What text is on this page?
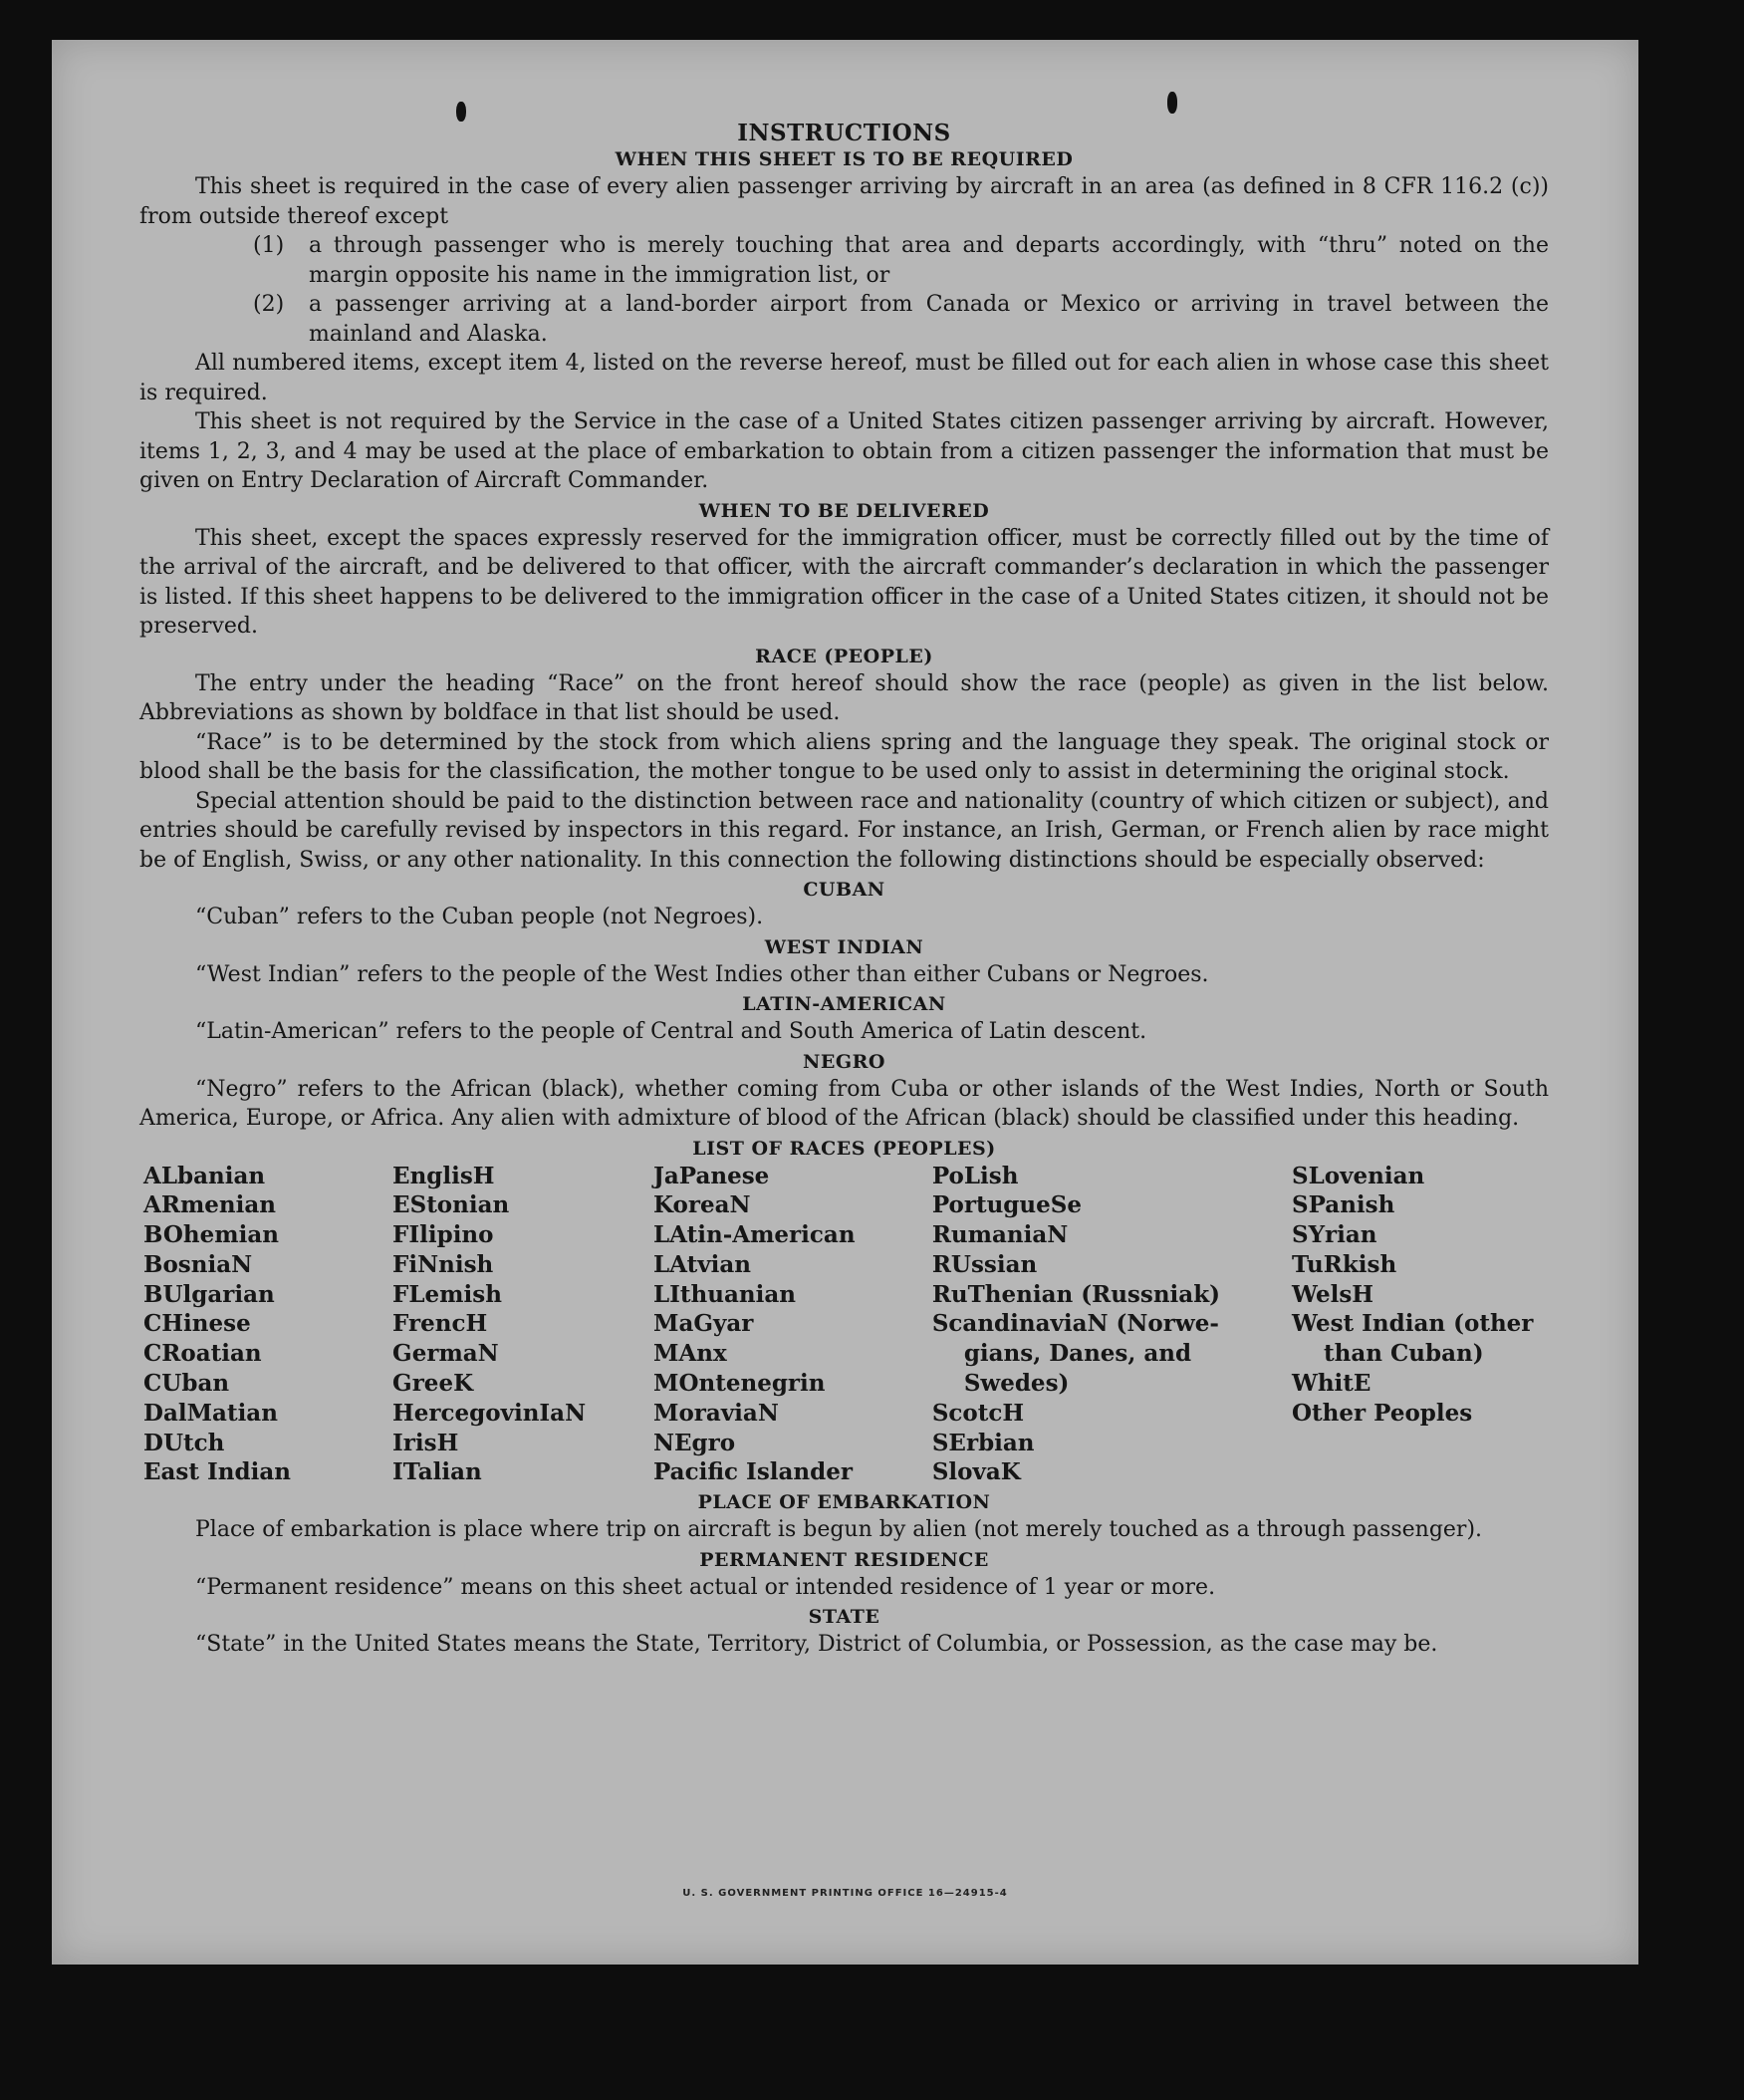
INSTRUCTIONS
WHEN THIS SHEET IS TO BE REQUIRED

This sheet is required in the case of every alien passenger arriving by aircraft in an area (as defined in 8 CFR 116.2 (c)) from outside thereof except

(1)	a through passenger who is merely touching that area and departs accordingly, with “thru” noted on the margin opposite his name in the immigration list, or
(2)	a passenger arriving at a land-border airport from Canada or Mexico or arriving in travel between the mainland and Alaska.

All numbered items, except item 4, listed on the reverse hereof, must be filled out for each alien in whose case this sheet is required.

This sheet is not required by the Service in the case of a United States citizen passenger arriving by aircraft. However, items 1, 2, 3, and 4 may be used at the place of embarkation to obtain from a citizen passenger the information that must be given on Entry Declaration of Aircraft Commander.

WHEN TO BE DELIVERED

This sheet, except the spaces expressly reserved for the immigration officer, must be correctly filled out by the time of the arrival of the aircraft, and be delivered to that officer, with the aircraft commander’s declaration in which the passenger is listed. If this sheet happens to be delivered to the immigration officer in the case of a United States citizen, it should not be preserved.

RACE (PEOPLE)

The entry under the heading “Race” on the front hereof should show the race (people) as given in the list below. Abbreviations as shown by boldface in that list should be used.

“Race” is to be determined by the stock from which aliens spring and the language they speak. The original stock or blood shall be the basis for the classification, the mother tongue to be used only to assist in determining the original stock.

Special attention should be paid to the distinction between race and nationality (country of which citizen or subject), and entries should be carefully revised by inspectors in this regard. For instance, an Irish, German, or French alien by race might be of English, Swiss, or any other nationality. In this connection the following distinctions should be especially observed:

CUBAN

“Cuban” refers to the Cuban people (not Negroes).

WEST INDIAN

“West Indian” refers to the people of the West Indies other than either Cubans or Negroes.

LATIN-AMERICAN

“Latin-American” refers to the people of Central and South America of Latin descent.

NEGRO

“Negro” refers to the African (black), whether coming from Cuba or other islands of the West Indies, North or South America, Europe, or Africa. Any alien with admixture of blood of the African (black) should be classified under this heading.

LIST OF RACES (PEOPLES)
ALbanian
ARmenian
BOhemian
BosniaN
BUlgarian
CHinese
CRoatian
CUban
DalMatian
DUtch
East Indian
EnglisH
EStonian
FIlipino
FiNnish
FLemish
FrencH
GermaN
GreeK
HercegovinIaN
IrisH
ITalian
JaPanese
KoreaN
LAtin-American
LAtvian
LIthuanian
MaGyar
MAnx
MOntenegrin
MoraviaN
NEgro
Pacific Islander
PoLish
PortugueSe
RumaniaN
RUssian
RuThenian (Russniak)
ScandinaviaN (Norwe-
gians, Danes, and
Swedes)
ScotcH
SErbian
SlovaK
SLovenian
SPanish
SYrian
TuRkish
WelsH
West Indian (other
than Cuban)
WhitE
Other Peoples
PLACE OF EMBARKATION

Place of embarkation is place where trip on aircraft is begun by alien (not merely touched as a through passenger).

PERMANENT RESIDENCE

“Permanent residence” means on this sheet actual or intended residence of 1 year or more.

STATE

“State” in the United States means the State, Territory, District of Columbia, or Possession, as the case may be.

U. S. GOVERNMENT PRINTING OFFICE 16—24915-4
